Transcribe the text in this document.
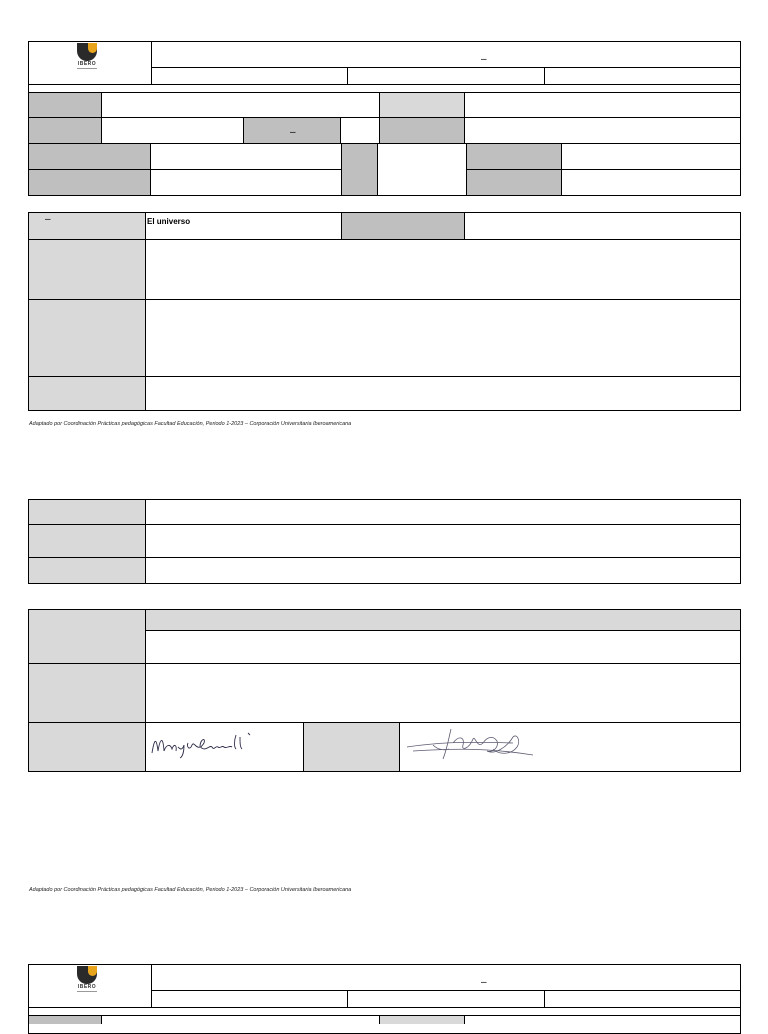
IBERO	–
–
–	El universo
Adaptado por Coordinación Prácticas pedagógicas Facultad Educación, Periodo 1-2023 – Corporación Universitaria Iberoamericana
Adaptado por Coordinación Prácticas pedagógicas Facultad Educación, Periodo 1-2023 – Corporación Universitaria Iberoamericana
IBERO	–
